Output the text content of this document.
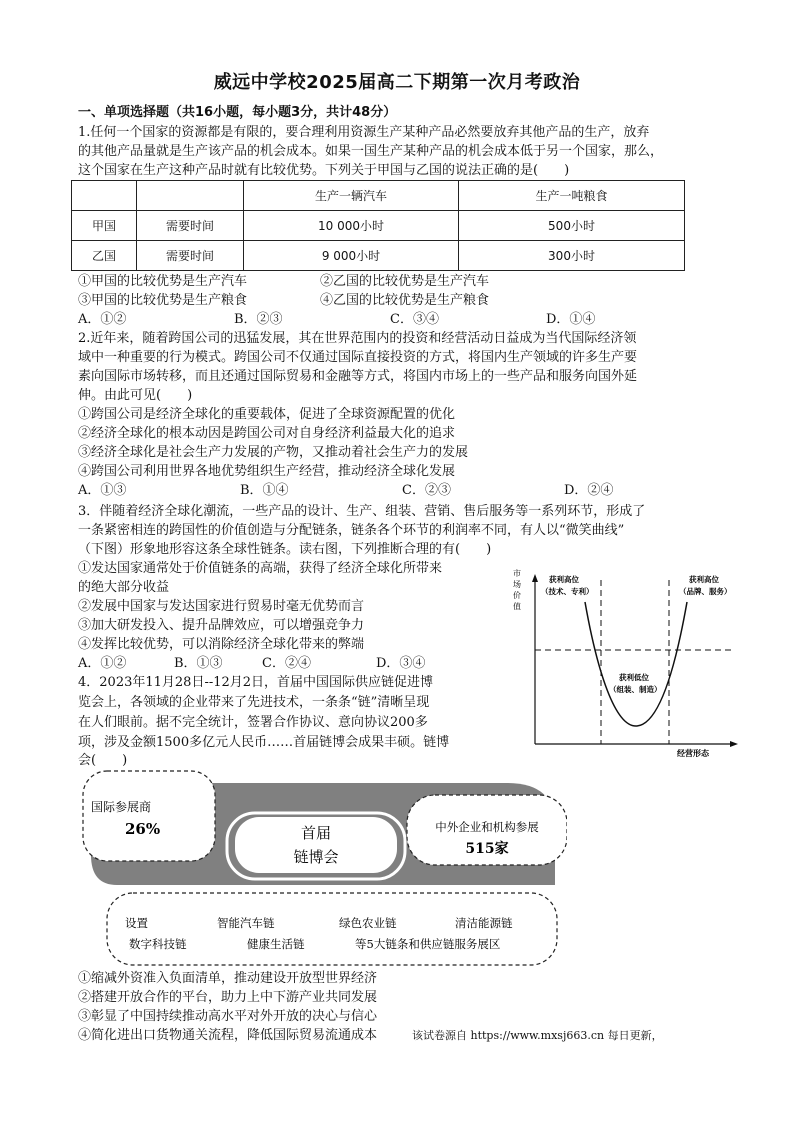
威远中学校2025届高二下期第一次月考政治
一、单项选择题（共16小题，每小题3分，共计48分）
1.任何一个国家的资源都是有限的，要合理利用资源生产某种产品必然要放弃其他产品的生产，放弃
的其他产品量就是生产该产品的机会成本。如果一国生产某种产品的机会成本低于另一个国家，那么，
这个国家在生产这种产品时就有比较优势。下列关于甲国与乙国的说法正确的是(　　)
		生产一辆汽车	生产一吨粮食
甲国	需要时间	10 000小时	500小时
乙国	需要时间	9 000小时	300小时
①甲国的比较优势是生产汽车	②乙国的比较优势是生产汽车
③甲国的比较优势是生产粮食	④乙国的比较优势是生产粮食
A．①②	B．②③	C．③④	D．①④
2.近年来，随着跨国公司的迅猛发展，其在世界范围内的投资和经营活动日益成为当代国际经济领
域中一种重要的行为模式。跨国公司不仅通过国际直接投资的方式，将国内生产领域的许多生产要
素向国际市场转移，而且还通过国际贸易和金融等方式，将国内市场上的一些产品和服务向国外延
伸。由此可见(　　)
①跨国公司是经济全球化的重要载体，促进了全球资源配置的优化
②经济全球化的根本动因是跨国公司对自身经济利益最大化的追求
③经济全球化是社会生产力发展的产物，又推动着社会生产力的发展
④跨国公司利用世界各地优势组织生产经营，推动经济全球化发展
A．①③	B．①④	C．②③	D．②④
3．伴随着经济全球化潮流，一些产品的设计、生产、组装、营销、售后服务等一系列环节，形成了
一条紧密相连的跨国性的价值创造与分配链条，链条各个环节的利润率不同，有人以“微笑曲线”
（下图）形象地形容这条全球性链条。读右图，下列推断合理的有(　　)
①发达国家通常处于价值链条的高端，获得了经济全球化所带来
的绝大部分收益
②发展中国家与发达国家进行贸易时毫无优势而言
③加大研发投入、提升品牌效应，可以增强竞争力
④发挥比较优势，可以消除经济全球化带来的弊端
A．①②	B．①③	C．②④	D．③④
市 场 价 值
经营形态
获利高位
（技术、专利）
获利高位
（品牌、服务）
获利低位
（组装、制造）
4．2023年11月28日--12月2日，首届中国国际供应链促进博
览会上，各领域的企业带来了先进技术，一条条“链”清晰呈现
在人们眼前。据不完全统计，签署合作协议、意向协议200多
项，涉及金额1500多亿元人民币……首届链博会成果丰硕。链博
会(　　)
首届
链博会
国际参展商
26%	中外企业和机构参展
515家
设置	智能汽车链	绿色农业链	清洁能源链
数字科技链	健康生活链	等5大链条和供应链服务展区
①缩减外资准入负面清单，推动建设开放型世界经济
②搭建开放合作的平台，助力上中下游产业共同发展
③彰显了中国持续推动高水平对外开放的决心与信心
④简化进出口货物通关流程，降低国际贸易流通成本	该试卷源自 https://www.mxsj663.cn 每日更新，
